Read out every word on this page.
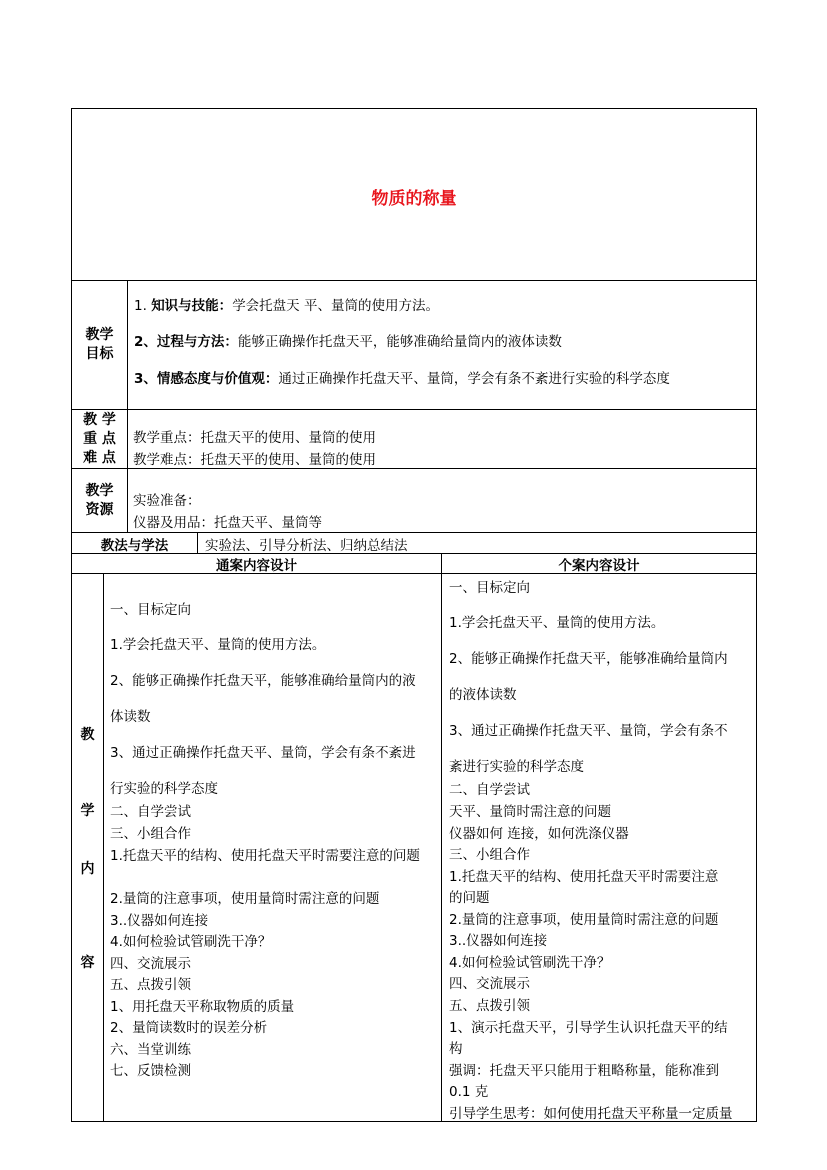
物质的称量
教学
目标
1. 知识与技能：学会托盘天 平、量筒的使用方法。
2、过程与方法：能够正确操作托盘天平，能够准确给量筒内的液体读数
3、情感态度与价值观：通过正确操作托盘天平、量筒，学会有条不紊进行实验的科学态度
教 学
重 点
难 点
教学重点：托盘天平的使用、量筒的使用
教学难点：托盘天平的使用、量筒的使用
教学
资源
实验准备：
仪器及用品：托盘天平、量筒等
教法与学法	实验法、引导分析法、归纳总结法
通案内容设计	个案内容设计
教
学
内
容
一、目标定向
1.学会托盘天平、量筒的使用方法。
2、能够正确操作托盘天平，能够准确给量筒内的液
体读数
3、通过正确操作托盘天平、量筒，学会有条不紊进
行实验的科学态度
二、自学尝试
三、小组合作
1.托盘天平的结构、使用托盘天平时需要注意的问题
2.量筒的注意事项，使用量筒时需注意的问题
3..仪器如何连接
4.如何检验试管刷洗干净？
四、交流展示
五、点拨引领
1、用托盘天平称取物质的质量
2、量筒读数时的误差分析
六、当堂训练
七、反馈检测
一、目标定向
1.学会托盘天平、量筒的使用方法。
2、能够正确操作托盘天平，能够准确给量筒内
的液体读数
3、通过正确操作托盘天平、量筒，学会有条不
紊进行实验的科学态度
二、自学尝试
天平、量筒时需注意的问题
仪器如何 连接，如何洗涤仪器
三、小组合作
1.托盘天平的结构、使用托盘天平时需要注意
的问题
2.量筒的注意事项，使用量筒时需注意的问题
3..仪器如何连接
4.如何检验试管刷洗干净？
四、交流展示
五、点拨引领
1、演示托盘天平，引导学生认识托盘天平的结
构
强调：托盘天平只能用于粗略称量，能称准到
0.1 克
引导学生思考：如何使用托盘天平称量一定质量
